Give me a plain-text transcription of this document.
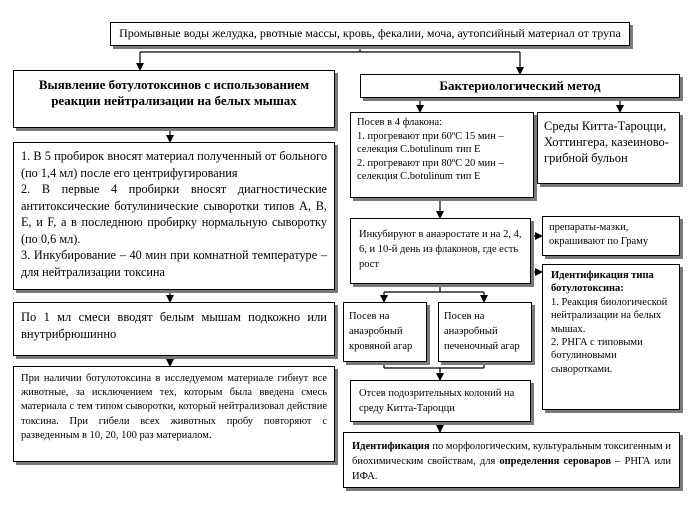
Промывные воды желудка, рвотные массы, кровь, фекалии, моча, аутопсийный материал от трупа
Выявление ботулотоксинов с использованием реакции нейтрализации на белых мышах
1. В 5 пробирок вносят материал полученный от больного (по 1,4 мл) после его центрифугирования
2. В первые 4 пробирки вносят диагностические антитоксические ботулинические сыворотки типов А, В, Е, и F, а в последнюю пробирку нормальную сыворотку (по 0,6 мл).
3. Инкубирование – 40 мин при комнатной температуре – для нейтрализации токсина
По 1 мл смеси вводят белым мышам подкожно или внутрибрюшинно
При наличии ботулотоксина в исследуемом материале гибнут все животные, за исключением тех, которым была введена смесь материала с тем типом сыворотки, который нейтрализовал действие токсина. При гибели всех животных пробу повторяют с разведенным в 10, 20, 100 раз материалом.
Бактериологический метод
Посев в 4 флакона:
1. прогревают при 60ºС 15 мин – селекция C.botulinum тип Е
2. прогревают при 80ºС 20 мин – селекция C.botulinum тип Е
Среды Китта-Тароцци, Хоттингера, казеиново-грибной бульон
Инкубируют в анаэростате и на 2, 4, 6, и 10-й день из флаконов, где есть рост
препараты-мазки, окрашивают по Граму
Идентификация типа ботулотоксина:
1. Реакция биологической нейтрализации на белых мышах.
2. РНГА с типовыми ботулиновыми сыворотками.
Посев на анаэробный кровяной агар
Посев на анаэробный печеночный агар
Отсев подозрительных колоний на среду Китта-Тароцци
Идентификация по морфологическим, культуральным токсигенным и биохимическим свойствам, для определения сероваров – РНГА или ИФА.
